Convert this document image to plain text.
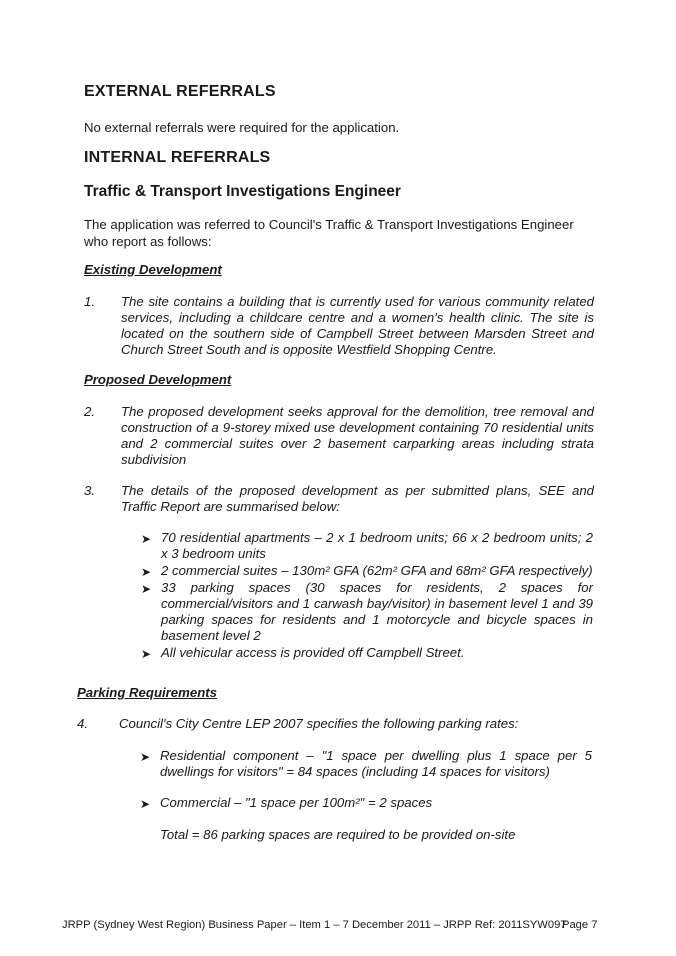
EXTERNAL REFERRALS

No external referrals were required for the application.

INTERNAL REFERRALS
Traffic & Transport Investigations Engineer

The application was referred to Council's Traffic & Transport Investigations Engineer who report as follows:

Existing Development
1. The site contains a building that is currently used for various community related services, including a childcare centre and a women's health clinic. The site is located on the southern side of Campbell Street between Marsden Street and Church Street South and is opposite Westfield Shopping Centre.
Proposed Development
2. The proposed development seeks approval for the demolition, tree removal and construction of a 9-storey mixed use development containing 70 residential units and 2 commercial suites over 2 basement carparking areas including strata subdivision
3. The details of the proposed development as per submitted plans, SEE and Traffic Report are summarised below:
➤ 70 residential apartments – 2 x 1 bedroom units; 66 x 2 bedroom units; 2 x 3 bedroom units
➤ 2 commercial suites – 130m² GFA (62m² GFA and 68m² GFA respectively)
➤ 33 parking spaces (30 spaces for residents, 2 spaces for commercial/visitors and 1 carwash bay/visitor) in basement level 1 and 39 parking spaces for residents and 1 motorcycle and bicycle spaces in basement level 2
➤ All vehicular access is provided off Campbell Street.
Parking Requirements
4. Council's City Centre LEP 2007 specifies the following parking rates:
➤ Residential component – "1 space per dwelling plus 1 space per 5 dwellings for visitors" = 84 spaces (including 14 spaces for visitors)
➤ Commercial – "1 space per 100m²" = 2 spaces
Total = 86 parking spaces are required to be provided on-site
JRPP (Sydney West Region) Business Paper – Item 1 – 7 December 2011 – JRPP Ref: 2011SYW097
Page 7
